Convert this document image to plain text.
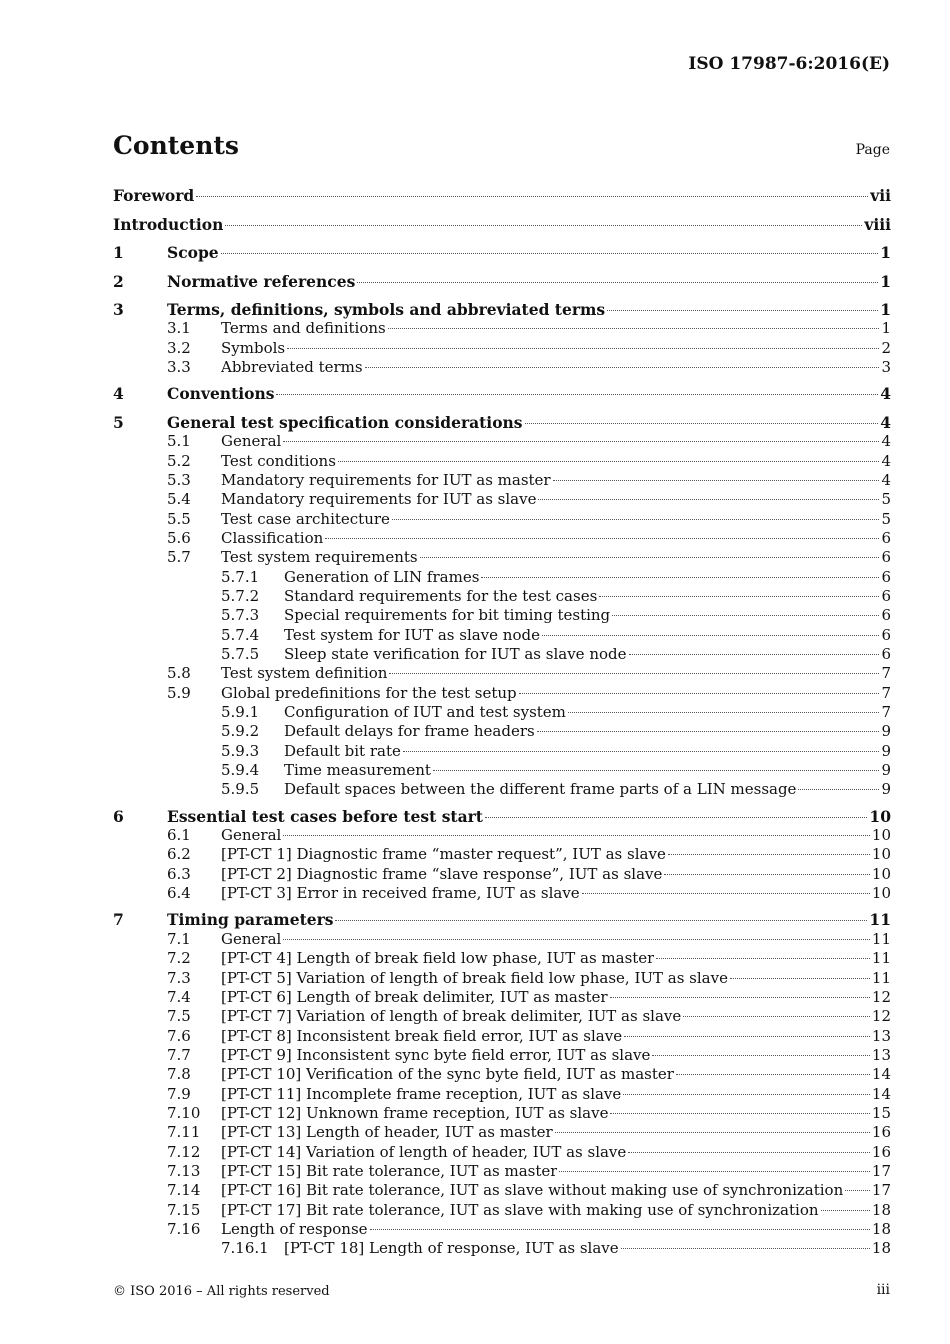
ISO 17987-6:2016(E)
Contents	Page
Foreword	vii
Introduction	viii
1	Scope	1
2	Normative references	1
3	Terms, definitions, symbols and abbreviated terms	1
3.1	Terms and definitions	1
3.2	Symbols	2
3.3	Abbreviated terms	3
4	Conventions	4
5	General test specification considerations	4
5.1	General	4
5.2	Test conditions	4
5.3	Mandatory requirements for IUT as master	4
5.4	Mandatory requirements for IUT as slave	5
5.5	Test case architecture	5
5.6	Classification	6
5.7	Test system requirements	6
5.7.1	Generation of LIN frames	6
5.7.2	Standard requirements for the test cases	6
5.7.3	Special requirements for bit timing testing	6
5.7.4	Test system for IUT as slave node	6
5.7.5	Sleep state verification for IUT as slave node	6
5.8	Test system definition	7
5.9	Global predefinitions for the test setup	7
5.9.1	Configuration of IUT and test system	7
5.9.2	Default delays for frame headers	9
5.9.3	Default bit rate	9
5.9.4	Time measurement	9
5.9.5	Default spaces between the different frame parts of a LIN message	9
6	Essential test cases before test start	10
6.1	General	10
6.2	[PT-CT 1] Diagnostic frame “master request”, IUT as slave	10
6.3	[PT-CT 2] Diagnostic frame “slave response”, IUT as slave	10
6.4	[PT-CT 3] Error in received frame, IUT as slave	10
7	Timing parameters	11
7.1	General	11
7.2	[PT-CT 4] Length of break field low phase, IUT as master	11
7.3	[PT-CT 5] Variation of length of break field low phase, IUT as slave	11
7.4	[PT-CT 6] Length of break delimiter, IUT as master	12
7.5	[PT-CT 7] Variation of length of break delimiter, IUT as slave	12
7.6	[PT-CT 8] Inconsistent break field error, IUT as slave	13
7.7	[PT-CT 9] Inconsistent sync byte field error, IUT as slave	13
7.8	[PT-CT 10] Verification of the sync byte field, IUT as master	14
7.9	[PT-CT 11] Incomplete frame reception, IUT as slave	14
7.10	[PT-CT 12] Unknown frame reception, IUT as slave	15
7.11	[PT-CT 13] Length of header, IUT as master	16
7.12	[PT-CT 14] Variation of length of header, IUT as slave	16
7.13	[PT-CT 15] Bit rate tolerance, IUT as master	17
7.14	[PT-CT 16] Bit rate tolerance, IUT as slave without making use of synchronization 17
7.15	[PT-CT 17] Bit rate tolerance, IUT as slave with making use of synchronization	18
7.16	Length of response	18
7.16.1	[PT-CT 18] Length of response, IUT as slave	18
© ISO 2016 – All rights reserved	iii
